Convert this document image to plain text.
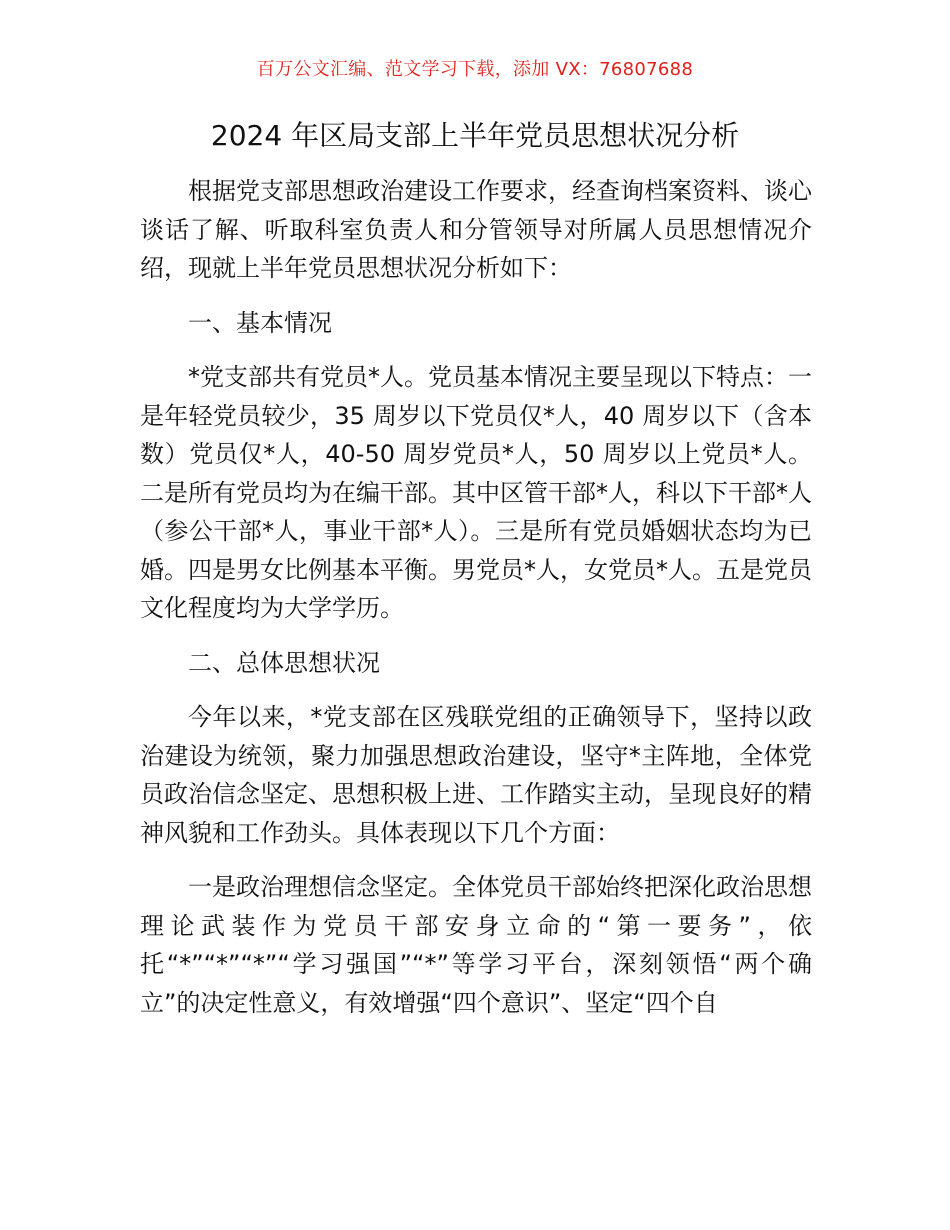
百万公文汇编、范文学习下载，添加 VX：76807688
2024 年区局支部上半年党员思想状况分析

根据党支部思想政治建设工作要求，经查询档案资料、谈心谈话了解、听取科室负责人和分管领导对所属人员思想情况介绍，现就上半年党员思想状况分析如下：

一、基本情况

*党支部共有党员*人。党员基本情况主要呈现以下特点：一是年轻党员较少，35 周岁以下党员仅*人，40 周岁以下（含本数）党员仅*人，40-50 周岁党员*人，50 周岁以上党员*人。二是所有党员均为在编干部。其中区管干部*人，科以下干部*人（参公干部*人，事业干部*人）。三是所有党员婚姻状态均为已婚。四是男女比例基本平衡。男党员*人，女党员*人。五是党员文化程度均为大学学历。

二、总体思想状况

今年以来，*党支部在区残联党组的正确领导下，坚持以政治建设为统领，聚力加强思想政治建设，坚守*主阵地，全体党员政治信念坚定、思想积极上进、工作踏实主动，呈现良好的精神风貌和工作劲头。具体表现以下几个方面：

一是政治理想信念坚定。全体党员干部始终把深化政治思想理论武装作为党员干部安身立命的“第一要务”，依托“*”“*”“*”“学习强国”“*”等学习平台，深刻领悟“两个确立”的决定性意义，有效增强“四个意识”、坚定“四个自
